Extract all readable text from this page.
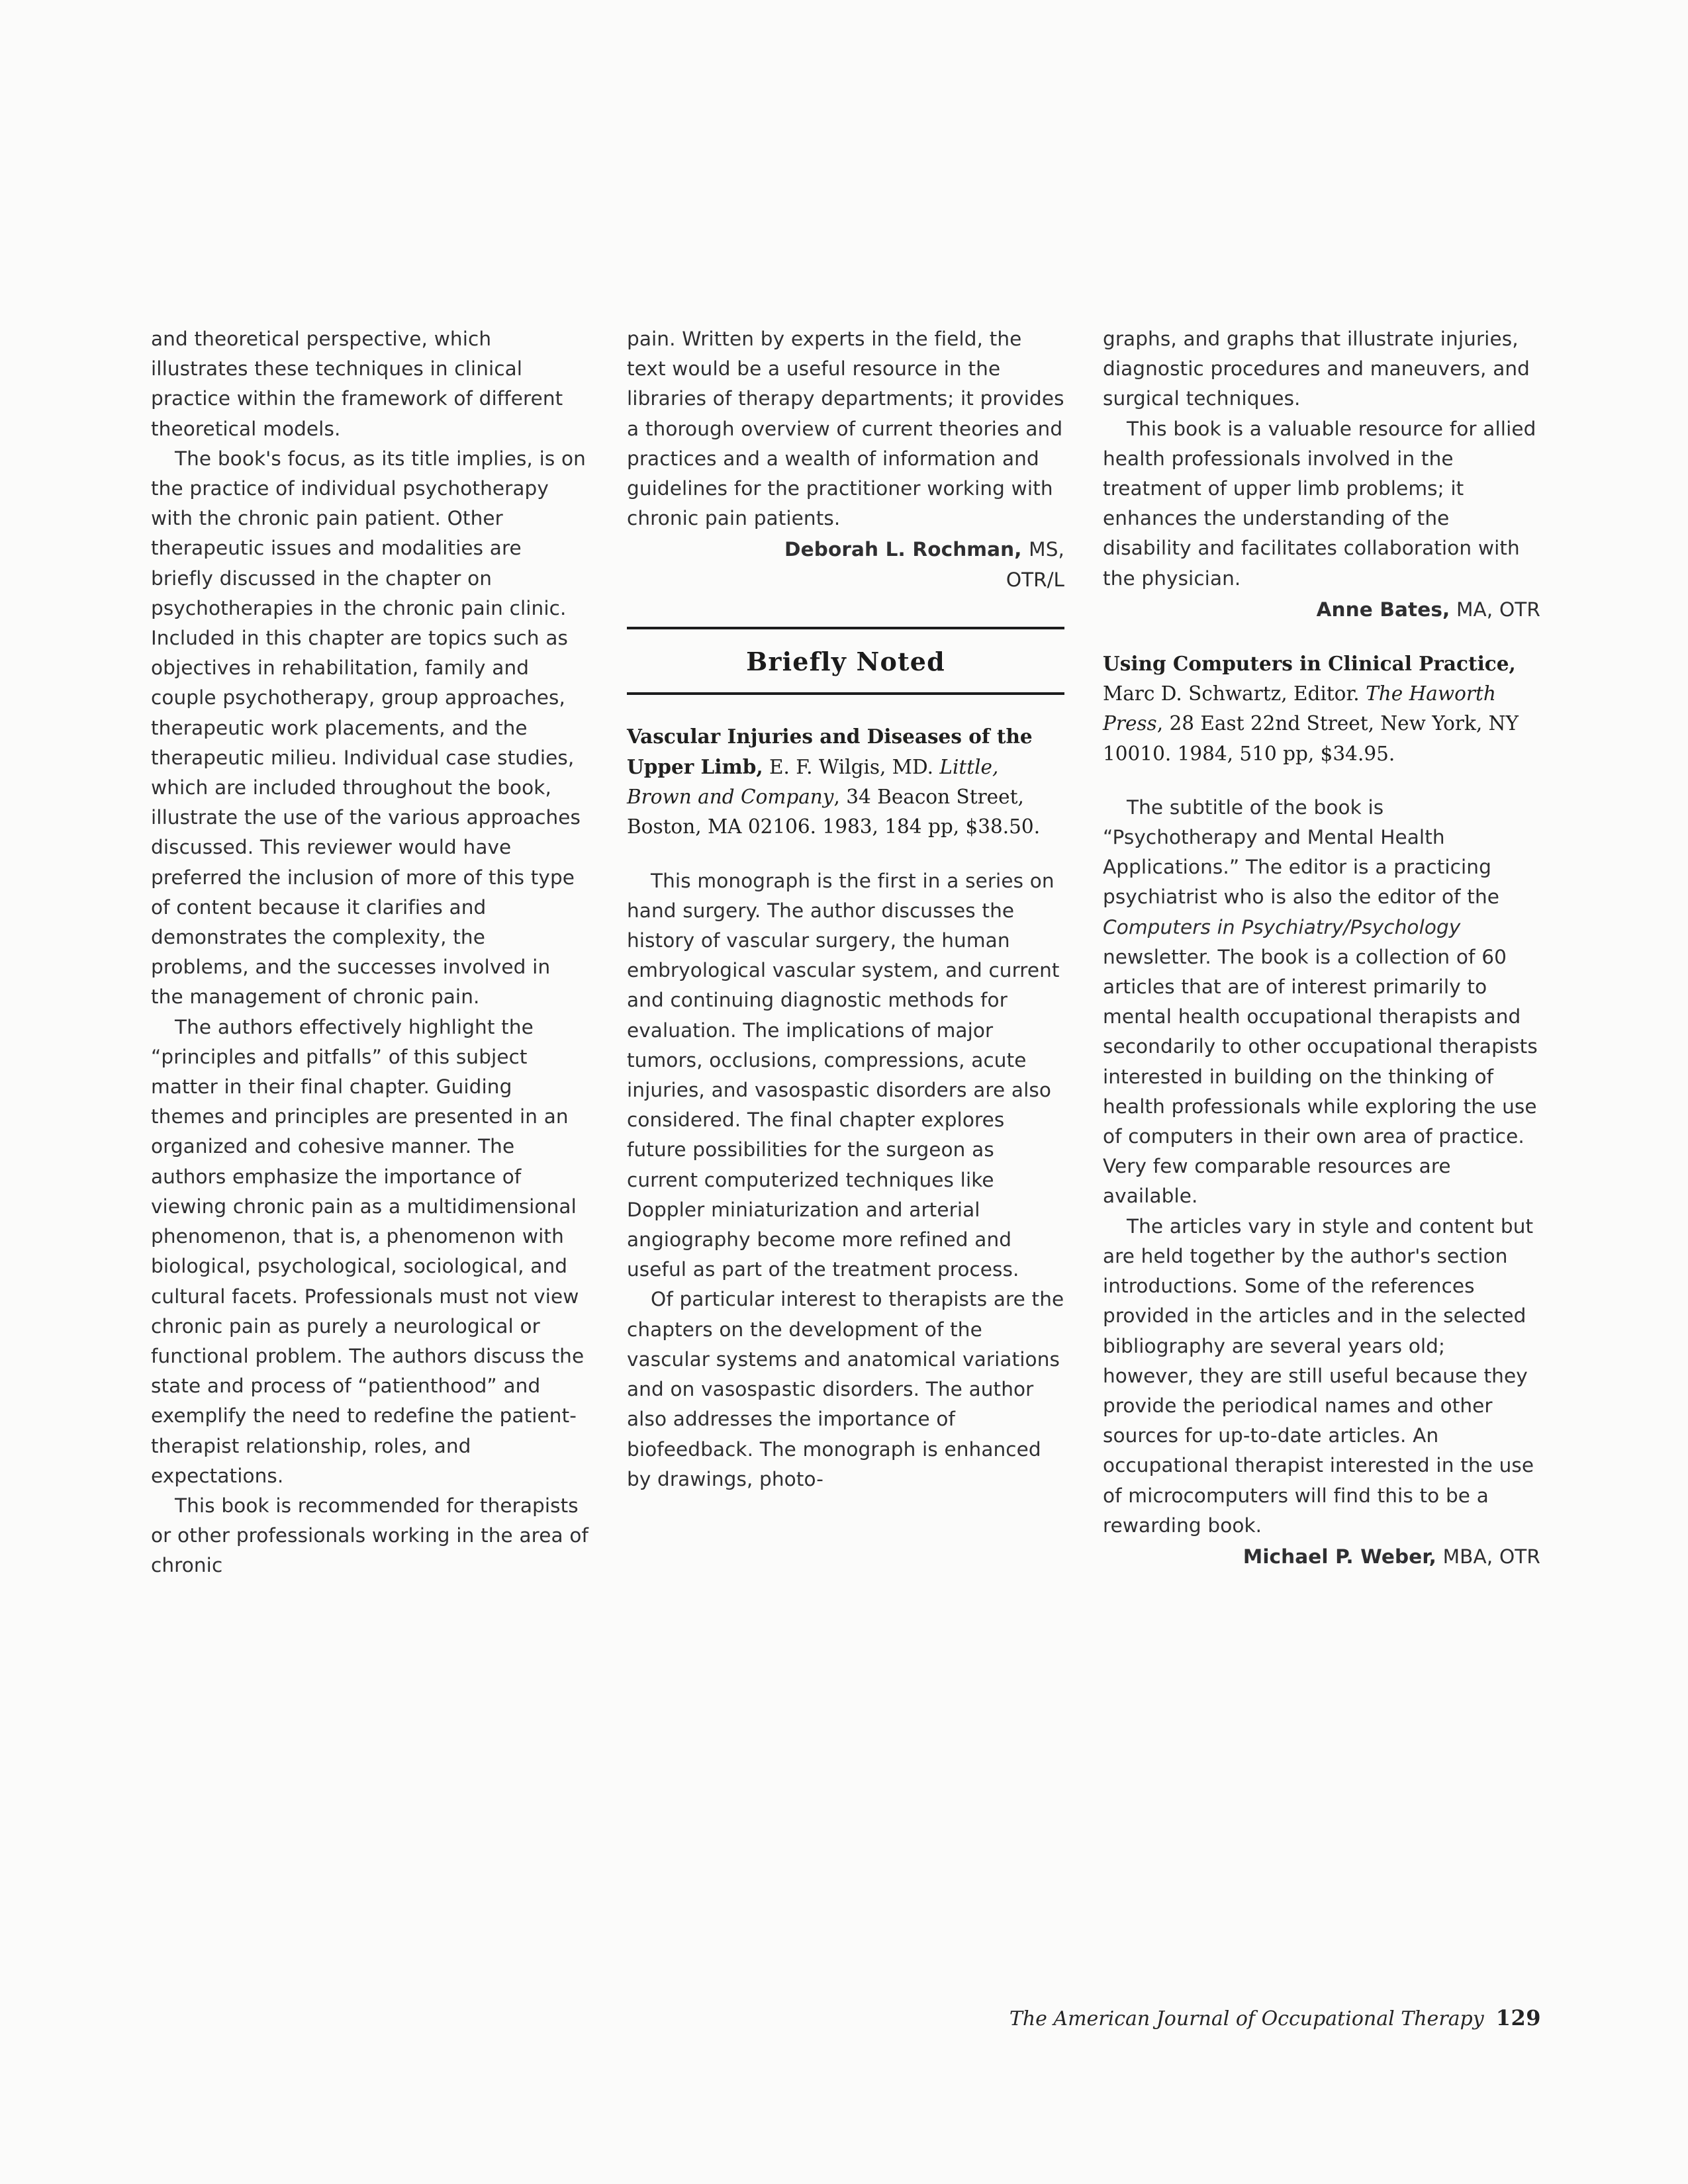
and theoretical perspective, which illustrates these techniques in clinical practice within the framework of different theoretical models.

The book's focus, as its title implies, is on the practice of individual psychotherapy with the chronic pain patient. Other therapeutic issues and modalities are briefly discussed in the chapter on psychotherapies in the chronic pain clinic. Included in this chapter are topics such as objectives in rehabilitation, family and couple psychotherapy, group approaches, therapeutic work placements, and the therapeutic milieu. Individual case studies, which are included throughout the book, illustrate the use of the various approaches discussed. This reviewer would have preferred the inclusion of more of this type of content because it clarifies and demonstrates the complexity, the problems, and the successes involved in the management of chronic pain.

The authors effectively highlight the “principles and pitfalls” of this subject matter in their final chapter. Guiding themes and principles are presented in an organized and cohesive manner. The authors emphasize the importance of viewing chronic pain as a multidimensional phenomenon, that is, a phenomenon with biological, psychological, sociological, and cultural facets. Professionals must not view chronic pain as purely a neurological or functional problem. The authors discuss the state and process of “patienthood” and exemplify the need to redefine the patient-therapist relationship, roles, and expectations.

This book is recommended for therapists or other professionals working in the area of chronic

pain. Written by experts in the field, the text would be a useful resource in the libraries of therapy departments; it provides a thorough overview of current theories and practices and a wealth of information and guidelines for the practitioner working with chronic pain patients.

Deborah L. Rochman, MS,

OTR/L
Briefly Noted
Vascular Injuries and Diseases of the Upper Limb, E. F. Wilgis, MD. Little, Brown and Company, 34 Beacon Street, Boston, MA 02106. 1983, 184 pp, $38.50.

This monograph is the first in a series on hand surgery. The author discusses the history of vascular surgery, the human embryological vascular system, and current and continuing diagnostic methods for evaluation. The implications of major tumors, occlusions, compressions, acute injuries, and vasospastic disorders are also considered. The final chapter explores future possibilities for the surgeon as current computerized techniques like Doppler miniaturization and arterial angiography become more refined and useful as part of the treatment process.

Of particular interest to therapists are the chapters on the development of the vascular systems and anatomical variations and on vasospastic disorders. The author also addresses the importance of biofeedback. The monograph is enhanced by drawings, photo-

graphs, and graphs that illustrate injuries, diagnostic procedures and maneuvers, and surgical techniques.

This book is a valuable resource for allied health professionals involved in the treatment of upper limb problems; it enhances the understanding of the disability and facilitates collaboration with the physician.

Anne Bates, MA, OTR

Using Computers in Clinical Practice, Marc D. Schwartz, Editor. The Haworth Press, 28 East 22nd Street, New York, NY 10010. 1984, 510 pp, $34.95.

The subtitle of the book is “Psychotherapy and Mental Health Applications.” The editor is a practicing psychiatrist who is also the editor of the Computers in Psychiatry/Psychology newsletter. The book is a collection of 60 articles that are of interest primarily to mental health occupational therapists and secondarily to other occupational therapists interested in building on the thinking of health professionals while exploring the use of computers in their own area of practice. Very few comparable resources are available.

The articles vary in style and content but are held together by the author's section introductions. Some of the references provided in the articles and in the selected bibliography are several years old; however, they are still useful because they provide the periodical names and other sources for up-to-date articles. An occupational therapist interested in the use of microcomputers will find this to be a rewarding book.

Michael P. Weber, MBA, OTR

The American Journal of Occupational Therapy 129
